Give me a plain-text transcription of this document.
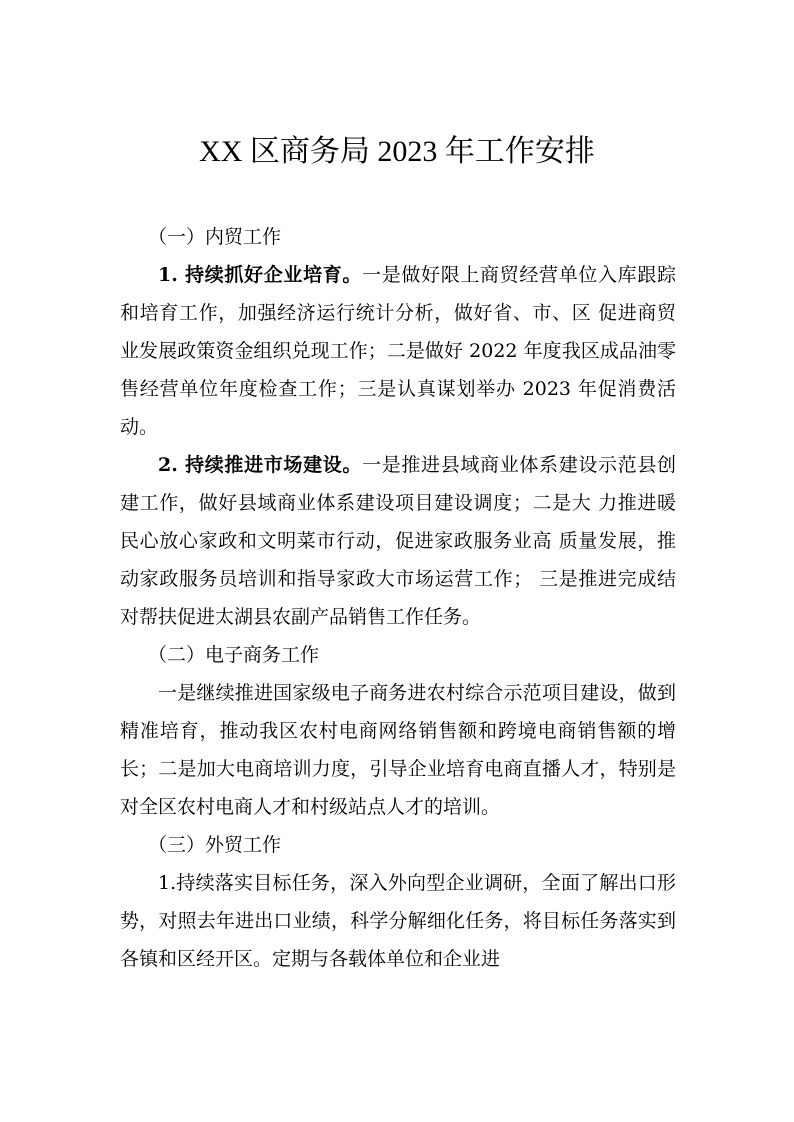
XX 区商务局 2023 年工作安排

（一）内贸工作

1. 持续抓好企业培育。一是做好限上商贸经营单位入库跟踪和培育工作，加强经济运行统计分析，做好省、市、区 促进商贸业发展政策资金组织兑现工作；二是做好 2022 年度我区成品油零售经营单位年度检查工作；三是认真谋划举办 2023 年促消费活动。

2. 持续推进市场建设。一是推进县域商业体系建设示范县创建工作，做好县域商业体系建设项目建设调度；二是大 力推进暖民心放心家政和文明菜市行动，促进家政服务业高 质量发展，推动家政服务员培训和指导家政大市场运营工作； 三是推进完成结对帮扶促进太湖县农副产品销售工作任务。

（二）电子商务工作

一是继续推进国家级电子商务进农村综合示范项目建设，做到精准培育，推动我区农村电商网络销售额和跨境电商销售额的增长；二是加大电商培训力度，引导企业培育电商直播人才，特别是对全区农村电商人才和村级站点人才的培训。

（三）外贸工作

1.持续落实目标任务，深入外向型企业调研，全面了解出口形势，对照去年进出口业绩，科学分解细化任务，将目标任务落实到各镇和区经开区。定期与各载体单位和企业进
